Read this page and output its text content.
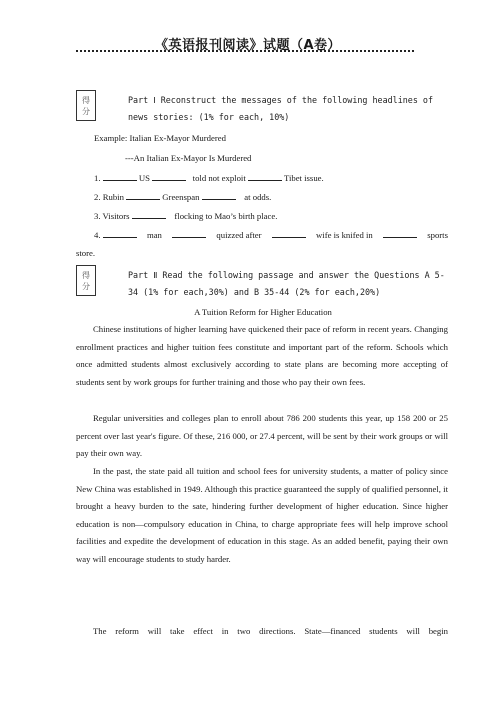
《英语报刊阅读》试题（A卷）
得
分
Part Ⅰ Reconstruct the messages of the following headlines of news stories: (1% for each, 10%)
Example: Italian Ex-Mayor Murdered
---An Italian Ex-Mayor Is Murdered
1.	US	told not exploit	Tibet issue.
2. Rubin	Greenspan	at odds.
3. Visitors	flocking to Mao’s birth place.
4.	man	quizzed after	wife is knifed in	sports
store.
得
分
Part Ⅱ Read the following passage and answer the Questions A 5-34 (1% for each,30%) and B 35-44 (2% for each,20%)
A Tuition Reform for Higher Education

Chinese institutions of higher learning have quickened their pace of reform in recent years. Changing enrollment practices and higher tuition fees constitute and important part of the reform. Schools which once admitted students almost exclusively according to state plans are becoming more accepting of students sent by work groups for further training and those who pay their own fees.

Regular universities and colleges plan to enroll about 786 200 students this year, up 158 200 or 25 percent over last year's figure. Of these, 216 000, or 27.4 percent, will be sent by their work groups or will pay their own way.

In the past, the state paid all tuition and school fees for university students, a matter of policy since New China was established in 1949. Although this practice guaranteed the supply of qualified personnel, it brought a heavy burden to the sate, hindering further development of higher education. Since higher education is non—compulsory education in China, to charge appropriate fees will help improve school facilities and expedite the development of education in this stage. As an added benefit, paying their own way will encourage students to study harder.

The reform will take effect in two directions. State—financed students will begin
